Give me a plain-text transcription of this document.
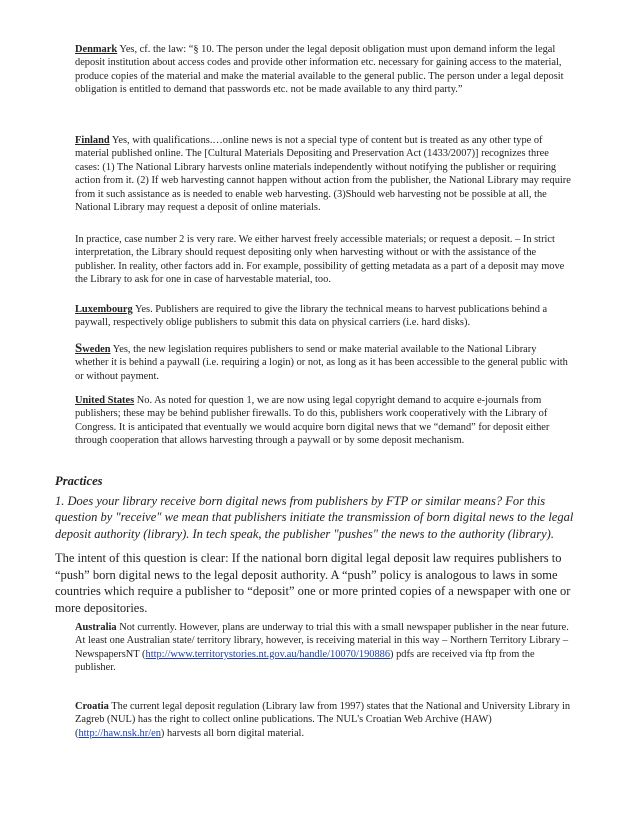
Denmark Yes, cf. the law: “§ 10. The person under the legal deposit obligation must upon demand inform the legal deposit institution about access codes and provide other information etc. necessary for gaining access to the material, produce copies of the material and make the material available to the general public. The person under a legal deposit obligation is entitled to demand that passwords etc. not be made available to any third party.”

Finland Yes, with qualifications.…online news is not a special type of content but is treated as any other type of material published online. The [Cultural Materials Depositing and Preservation Act (1433/2007)] recognizes three cases: (1) The National Library harvests online materials independently without notifying the publisher or requiring action from it. (2) If web harvesting cannot happen without action from the publisher, the National Library may require from it such assistance as is needed to enable web harvesting. (3)Should web harvesting not be possible at all, the National Library may request a deposit of online materials.

In practice, case number 2 is very rare. We either harvest freely accessible materials; or request a deposit. – In strict interpretation, the Library should request depositing only when harvesting without or with the assistance of the publisher. In reality, other factors add in. For example, possibility of getting metadata as a part of a deposit may move the Library to ask for one in case of harvestable material, too.

Luxembourg Yes. Publishers are required to give the library the technical means to harvest publications behind a paywall, respectively oblige publishers to submit this data on physical carriers (i.e. hard disks).

Sweden Yes, the new legislation requires publishers to send or make material available to the National Library whether it is behind a paywall (i.e. requiring a login) or not, as long as it has been accessible to the general public with or without payment.

United States No. As noted for question 1, we are now using legal copyright demand to acquire e-journals from publishers; these may be behind publisher firewalls. To do this, publishers work cooperatively with the Library of Congress. It is anticipated that eventually we would acquire born digital news that we “demand” for deposit either through cooperation that allows harvesting through a paywall or by some deposit mechanism.

Practices

1. Does your library receive born digital news from publishers by FTP or similar means? For this question by "receive" we mean that publishers initiate the transmission of born digital news to the legal deposit authority (library). In tech speak, the publisher "pushes" the news to the authority (library).

The intent of this question is clear: If the national born digital legal deposit law requires publishers to “push” born digital news to the legal deposit authority. A “push” policy is analogous to laws in some countries which require a publisher to “deposit” one or more printed copies of a newspaper with one or more depositories.

Australia Not currently. However, plans are underway to trial this with a small newspaper publisher in the near future. At least one Australian state/ territory library, however, is receiving material in this way – Northern Territory Library – NewspapersNT (http://www.territorystories.nt.gov.au/handle/10070/190886) pdfs are received via ftp from the publisher.

Croatia The current legal deposit regulation (Library law from 1997) states that the National and University Library in Zagreb (NUL) has the right to collect online publications. The NUL's Croatian Web Archive (HAW) (http://haw.nsk.hr/en) harvests all born digital material.
